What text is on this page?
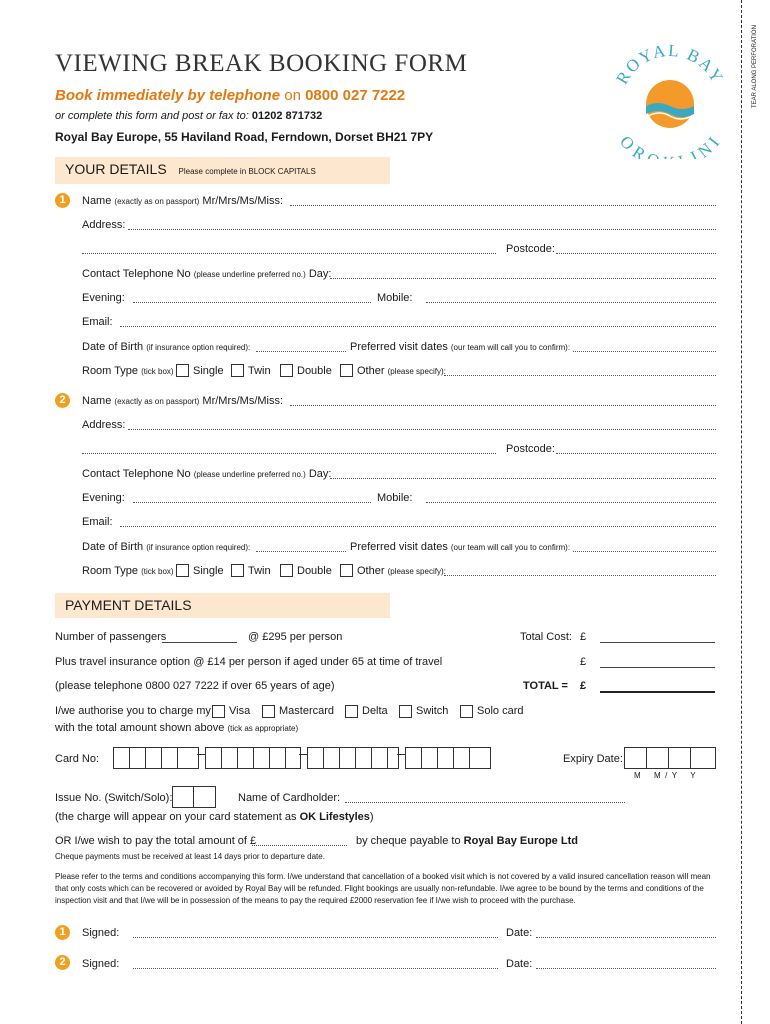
TEAR ALONG PERFORATION
VIEWING BREAK BOOKING FORM
Book immediately by telephone on 0800 027 7222
or complete this form and post or fax to: 01202 871732
Royal Bay Europe, 55 Haviland Road, Ferndown, Dorset BH21 7PY
ROYAL BAY
OR INI
YOUR DETAILS Please complete in BLOCK CAPITALS
1	Name (exactly as on passport) Mr/Mrs/Ms/Miss:
Address:
Postcode:
Contact Telephone No (please underline preferred no.) Day:
Evening:	Mobile:
Email:
Date of Birth (if insurance option required):	Preferred visit dates (our team will call you to confirm):
Room Type (tick box) Single Twin Double Other (please specify):
2	Name (exactly as on passport) Mr/Mrs/Ms/Miss:
Address:
Postcode:
Contact Telephone No (please underline preferred no.) Day:
Evening:	Mobile:
Email:
Date of Birth (if insurance option required):	Preferred visit dates (our team will call you to confirm):
Room Type (tick box) Single Twin Double Other (please specify):
PAYMENT DETAILS
Number of passengers	@ £295 per person	Total Cost: £
Plus travel insurance option @ £14 per person if aged under 65 at time of travel	£
(please telephone 0800 027 7222 if over 65 years of age)	TOTAL = £
I/we authorise you to charge my Visa	Mastercard	Delta	Switch	Solo card
with the total amount shown above (tick as appropriate)
Card No:	Expiry Date:
M M / Y Y
Issue No. (Switch/Solo):	Name of Cardholder:
(the charge will appear on your card statement as OK Lifestyles)
OR I/we wish to pay the total amount of £	by cheque payable to Royal Bay Europe Ltd
Cheque payments must be received at least 14 days prior to departure date.
Please refer to the terms and conditions accompanying this form. I/we understand that cancellation of a booked visit which is not covered by a valid insured cancellation reason will mean that only costs which can be recovered or avoided by Royal Bay will be refunded. Flight bookings are usually non-refundable. I/we agree to be bound by the terms and conditions of the inspection visit and that I/we will be in possession of the means to pay the required £2000 reservation fee if I/we wish to proceed with the purchase.
1	Signed:	Date:
2	Signed:	Date:
